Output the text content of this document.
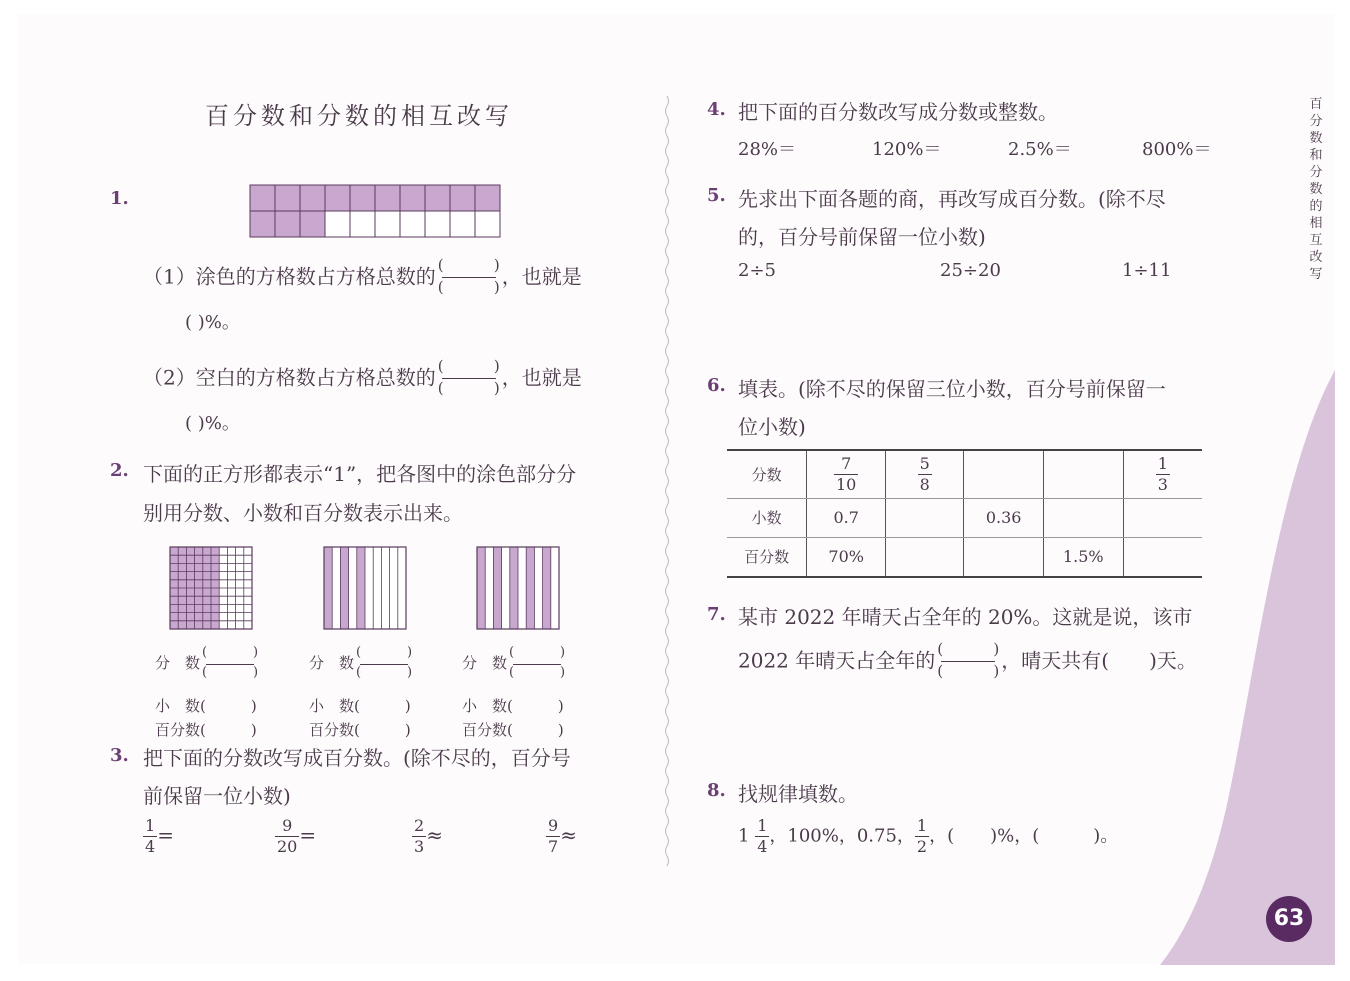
百
分
数
和
分
数
的
相
互
改
写
百分数和分数的相互改写
1.
（1）涂色的方格数占方格总数的 (	)
(	) ，也就是
( )%。
（2）空白的方格数占方格总数的 (	)
(	) ，也就是
( )%。
2. 下面的正方形都表示“1”，把各图中的涂色部分分
别用分数、小数和百分数表示出来。
分　数
(	)
(	)
分　数
(	)
(	)
分　数
(	)
(	)
小　数(　　　)	小　数(　　　)	小　数(　　　)
百分数(　　　)	百分数(　　　)	百分数(　　　)
3. 把下面的分数改写成百分数。(除不尽的，百分号
前保留一位小数)
$\frac{1}{4}$ =	$\frac{9}{20}$ =	$\frac{2}{3}$ ≈	$\frac{9}{7}$ ≈
4. 把下面的百分数改写成分数或整数。
28%＝	120%＝	2.5%＝	800%＝
5. 先求出下面各题的商，再改写成百分数。(除不尽
的，百分号前保留一位小数)
2÷5	25÷20	1÷11
6. 填表。(除不尽的保留三位小数，百分号前保留一
位小数)
分数	$\frac{7}{10}$	$\frac{5}{8}$			$\frac{1}{3}$

小数	0.7		0.36		
百分数	70%			1.5%	
7. 某市 2022 年晴天占全年的 20%。这就是说，该市
2022 年晴天占全年的 (	)
(	) ，晴天共有(　　)天。
8. 找规律填数。
$1 \frac{1}{4}$ ，100%，0.75， $\frac{1}{2}$ ，(　　)%，(　　　)。
63
